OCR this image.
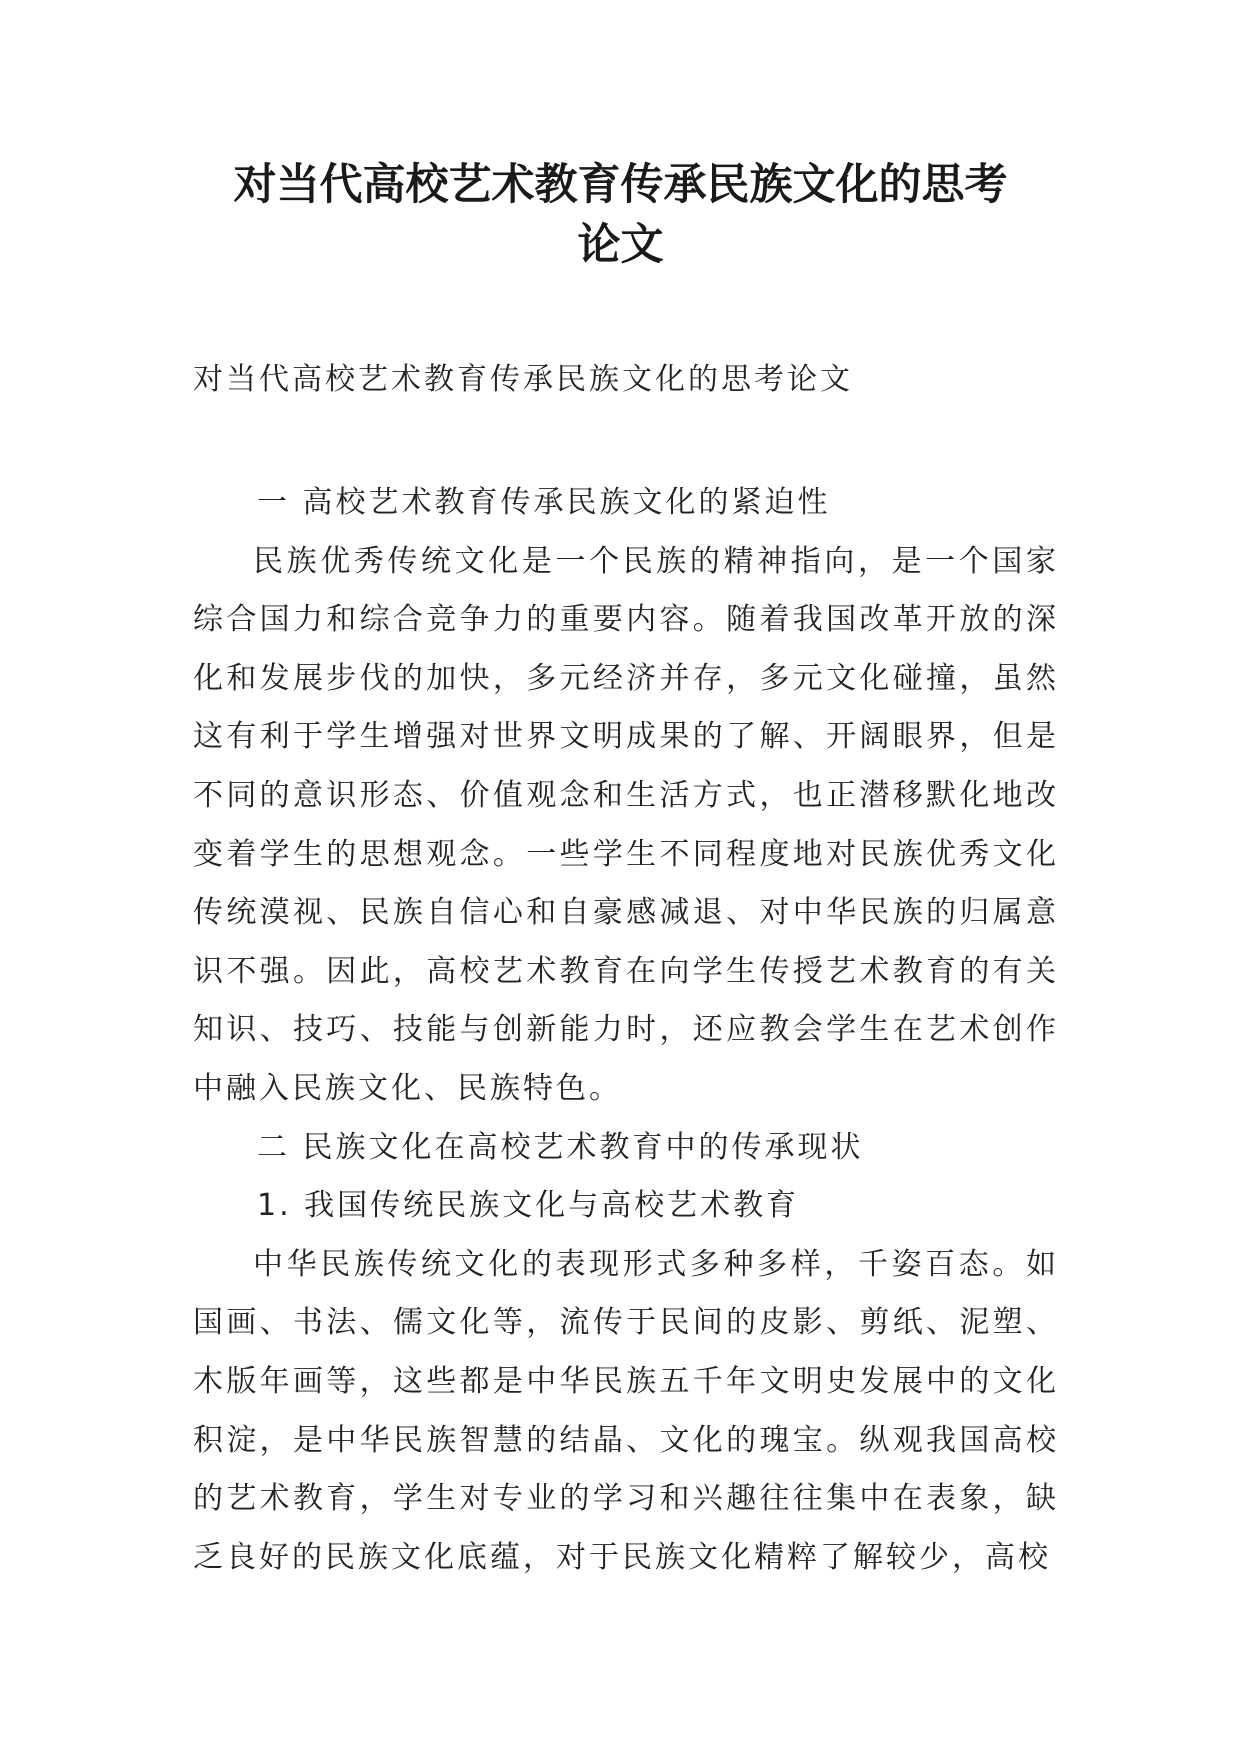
对当代高校艺术教育传承民族文化的思考
论文

对当代高校艺术教育传承民族文化的思考论文

一 高校艺术教育传承民族文化的紧迫性

民族优秀传统文化是一个民族的精神指向，是一个国家综合国力和综合竞争力的重要内容。随着我国改革开放的深化和发展步伐的加快，多元经济并存，多元文化碰撞，虽然这有利于学生增强对世界文明成果的了解、开阔眼界，但是不同的意识形态、价值观念和生活方式，也正潜移默化地改变着学生的思想观念。一些学生不同程度地对民族优秀文化传统漠视、民族自信心和自豪感减退、对中华民族的归属意识不强。因此，高校艺术教育在向学生传授艺术教育的有关知识、技巧、技能与创新能力时，还应教会学生在艺术创作中融入民族文化、民族特色。

二 民族文化在高校艺术教育中的传承现状

1. 我国传统民族文化与高校艺术教育

中华民族传统文化的表现形式多种多样，千姿百态。如国画、书法、儒文化等，流传于民间的皮影、剪纸、泥塑、木版年画等，这些都是中华民族五千年文明史发展中的文化积淀，是中华民族智慧的结晶、文化的瑰宝。纵观我国高校的艺术教育，学生对专业的学习和兴趣往往集中在表象，缺乏良好的民族文化底蕴，对于民族文化精粹了解较少，高校
